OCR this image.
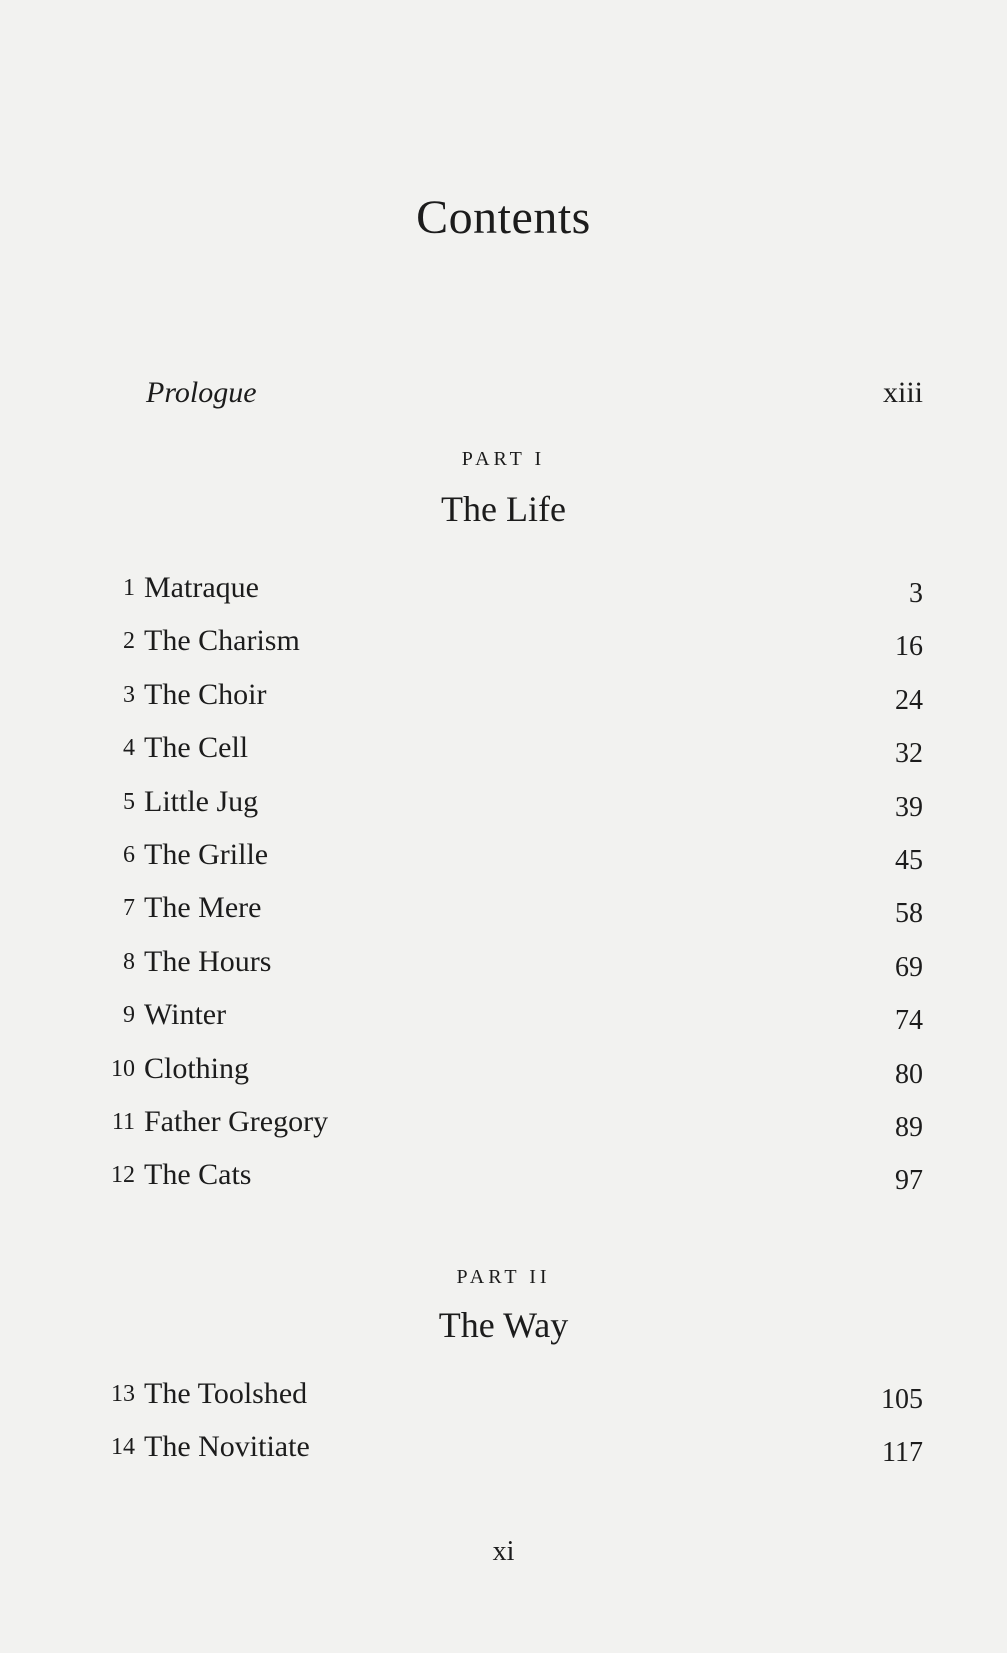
Contents
Prologue	xiii
PART I
The Life
1 Matraque	3
2 The Charism	16
3 The Choir	24
4 The Cell	32
5 Little Jug	39
6 The Grille	45
7 The Mere	58
8 The Hours	69
9 Winter	74
10 Clothing	80
11 Father Gregory	89
12 The Cats	97
PART II
The Way
13 The Toolshed	105
14 The Novitiate	117
xi
